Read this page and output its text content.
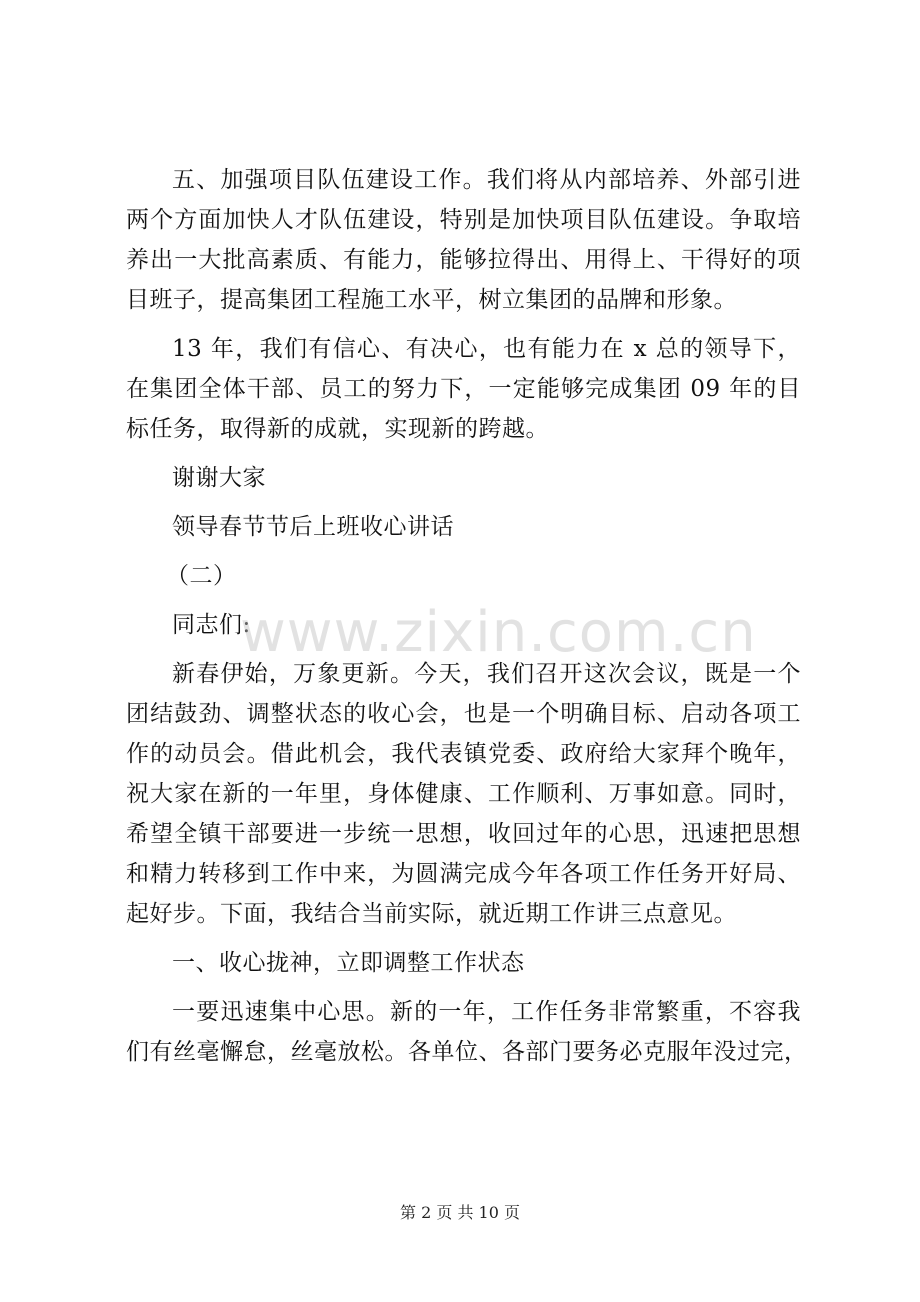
五、加强项目队伍建设工作。我们将从内部培养、外部引进
两个方面加快人才队伍建设，特别是加快项目队伍建设。争取培
养出一大批高素质、有能力，能够拉得出、用得上、干得好的项
目班子，提高集团工程施工水平，树立集团的品牌和形象。
13 年，我们有信心、有决心，也有能力在 x 总的领导下，
在集团全体干部、员工的努力下，一定能够完成集团 09 年的目
标任务，取得新的成就，实现新的跨越。
谢谢大家
领导春节节后上班收心讲话
（二）
同志们:
新春伊始，万象更新。今天，我们召开这次会议，既是一个
团结鼓劲、调整状态的收心会，也是一个明确目标、启动各项工
作的动员会。借此机会，我代表镇党委、政府给大家拜个晚年，
祝大家在新的一年里，身体健康、工作顺利、万事如意。同时，
希望全镇干部要进一步统一思想，收回过年的心思，迅速把思想
和精力转移到工作中来，为圆满完成今年各项工作任务开好局、
起好步。下面，我结合当前实际，就近期工作讲三点意见。
一、收心拢神，立即调整工作状态
一要迅速集中心思。新的一年，工作任务非常繁重，不容我
们有丝毫懈怠，丝毫放松。各单位、各部门要务必克服年没过完，
www.zixin.com.cn
第 2 页 共 10 页
